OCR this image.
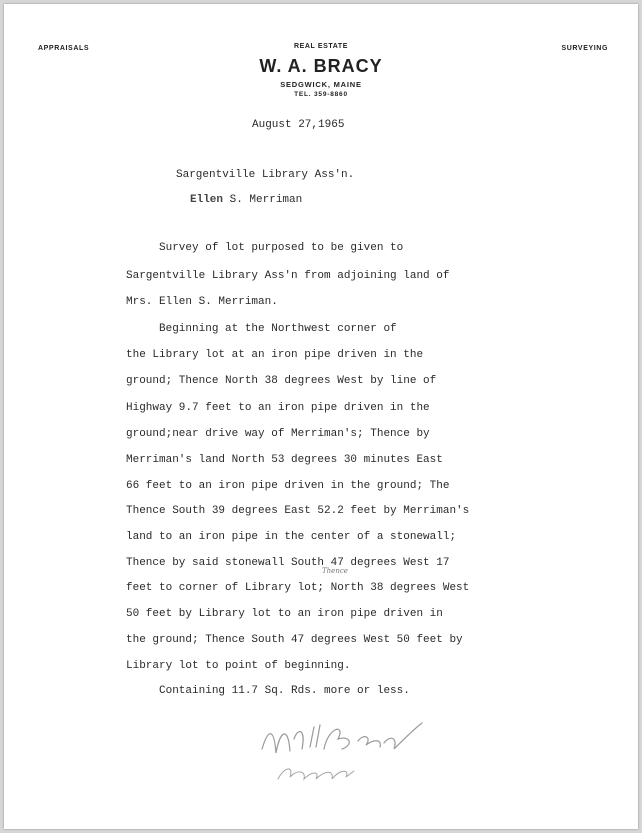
APPRAISALS	REAL ESTATE	SURVEYING
W. A. BRACY
SEDGWICK, MAINE
TEL. 359-8860
August 27,1965
Sargentville Library Ass'n.
Ellen S. Merriman
Survey of lot purposed to be given to
Sargentville Library Ass'n from adjoining land of
Mrs. Ellen S. Merriman.
Beginning at the Northwest corner of
the Library lot at an iron pipe driven in the
ground; Thence North 38 degrees West by line of
Highway 9.7 feet to an iron pipe driven in the
ground;near drive way of Merriman's; Thence by
Merriman's land North 53 degrees 30 minutes East
66 feet to an iron pipe driven in the ground; The
Thence South 39 degrees East 52.2 feet by Merriman's
land to an iron pipe in the center of a stonewall;
Thence by said stonewall South 47 degrees West 17
feet to corner of Library lot; North 38 degrees West
50 feet by Library lot to an iron pipe driven in
the ground; Thence South 47 degrees West 50 feet by
Library lot to point of beginning.
Containing 11.7 Sq. Rds. more or less.
Thence
